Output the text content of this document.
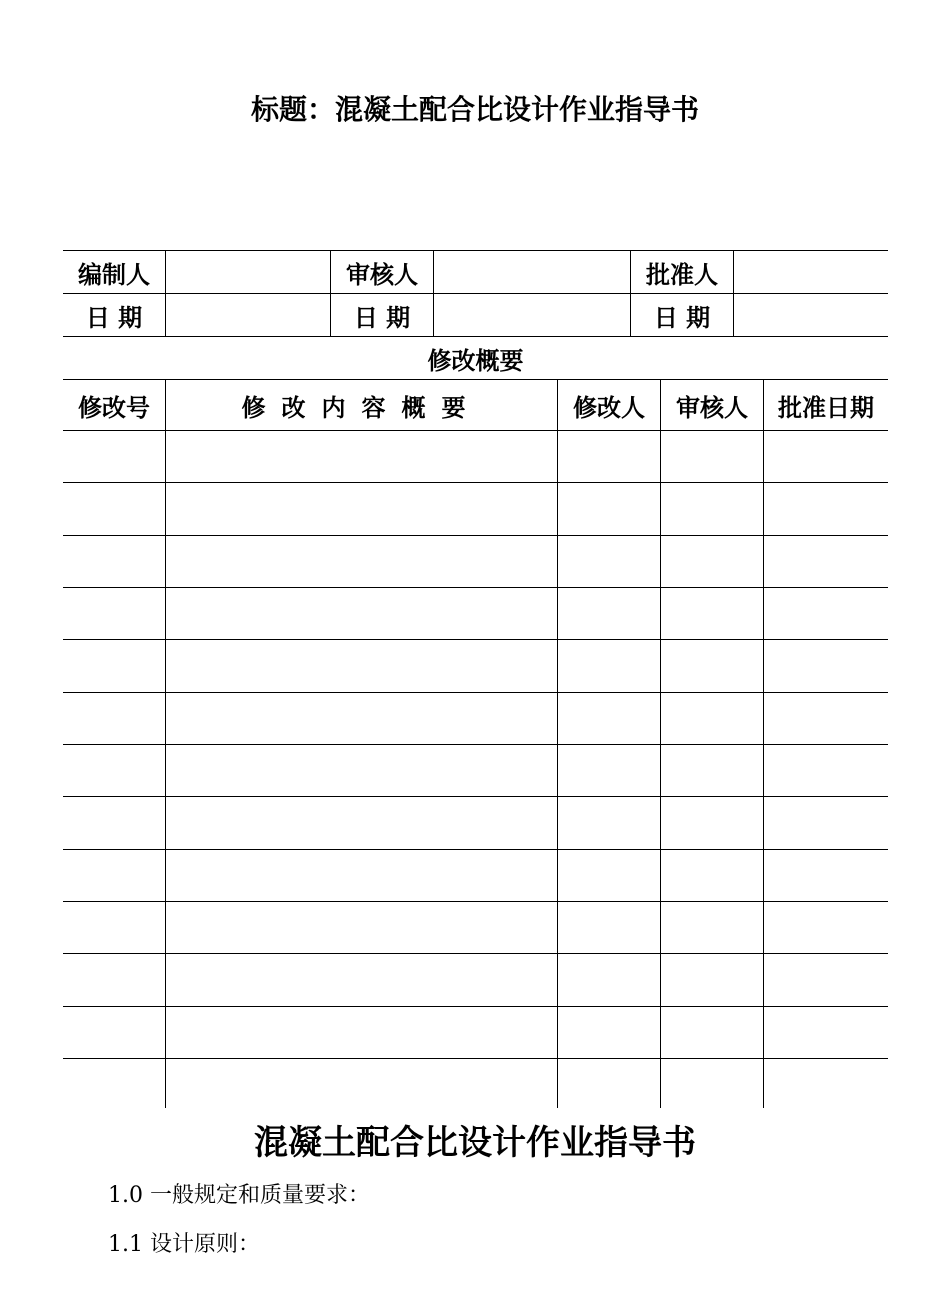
标题：混凝土配合比设计作业指导书
编制人	审核人	批准人
日 期	日 期	日 期
修改概要
修改号	修改内容概要	修改人	审核人	批准日期
混凝土配合比设计作业指导书
1.0 一般规定和质量要求：
1.1 设计原则：
